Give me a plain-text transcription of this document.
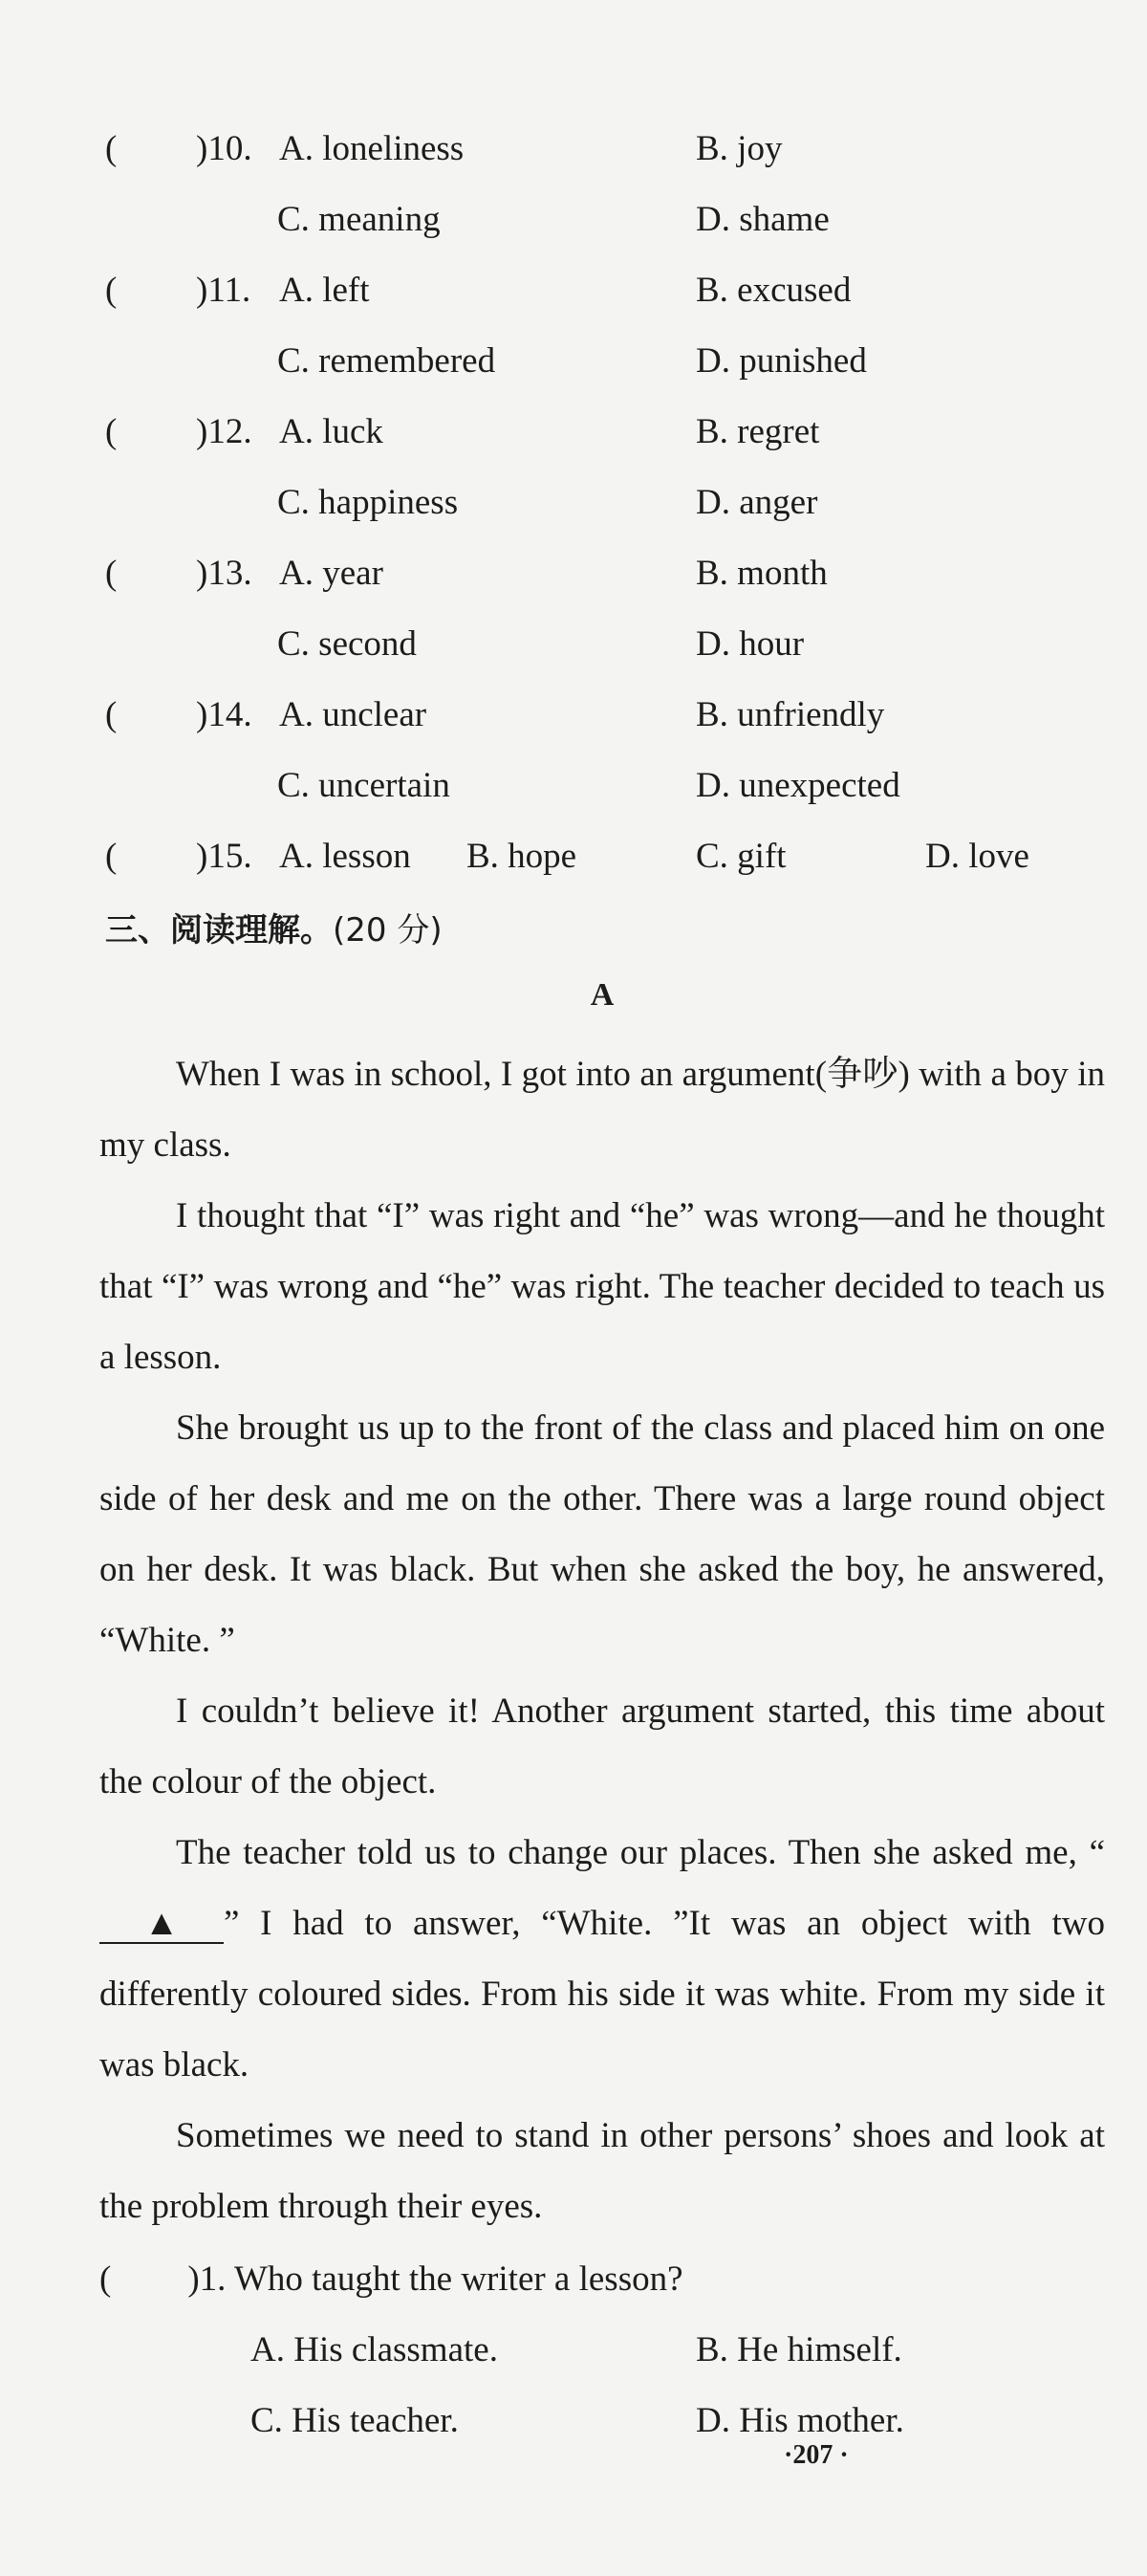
( )10. A. loneliness	B. joy
C. meaning	D. shame
( )11. A. left	B. excused
C. remembered	D. punished
( )12. A. luck	B. regret
C. happiness	D. anger
( )13. A. year	B. month
C. second	D. hour
( )14. A. unclear	B. unfriendly
C. uncertain	D. unexpected
( )15. A. lesson B. hope	C. gift	D. love
三、阅读理解。(20 分)
A
When I was in school, I got into an argument(争吵) with a boy in my class.
I thought that “I” was right and “he” was wrong—and he thought that “I” was wrong and “he” was right. The teacher decided to teach us a lesson.
She brought us up to the front of the class and placed him on one side of her desk and me on the other. There was a large round object on her desk. It was black. But when she asked the boy, he answered, “White. ”
I couldn’t believe it! Another argument started, this time about the colour of the object.
The teacher told us to change our places. Then she asked me, “▲ ” I had to answer, “White. ”It was an object with two differently coloured sides. From his side it was white. From my side it was black.
Sometimes we need to stand in other persons’ shoes and look at the problem through their eyes.
( )1. Who taught the writer a lesson?
A. His classmate.	B. He himself.
C. His teacher.	D. His mother.
·207 ·
